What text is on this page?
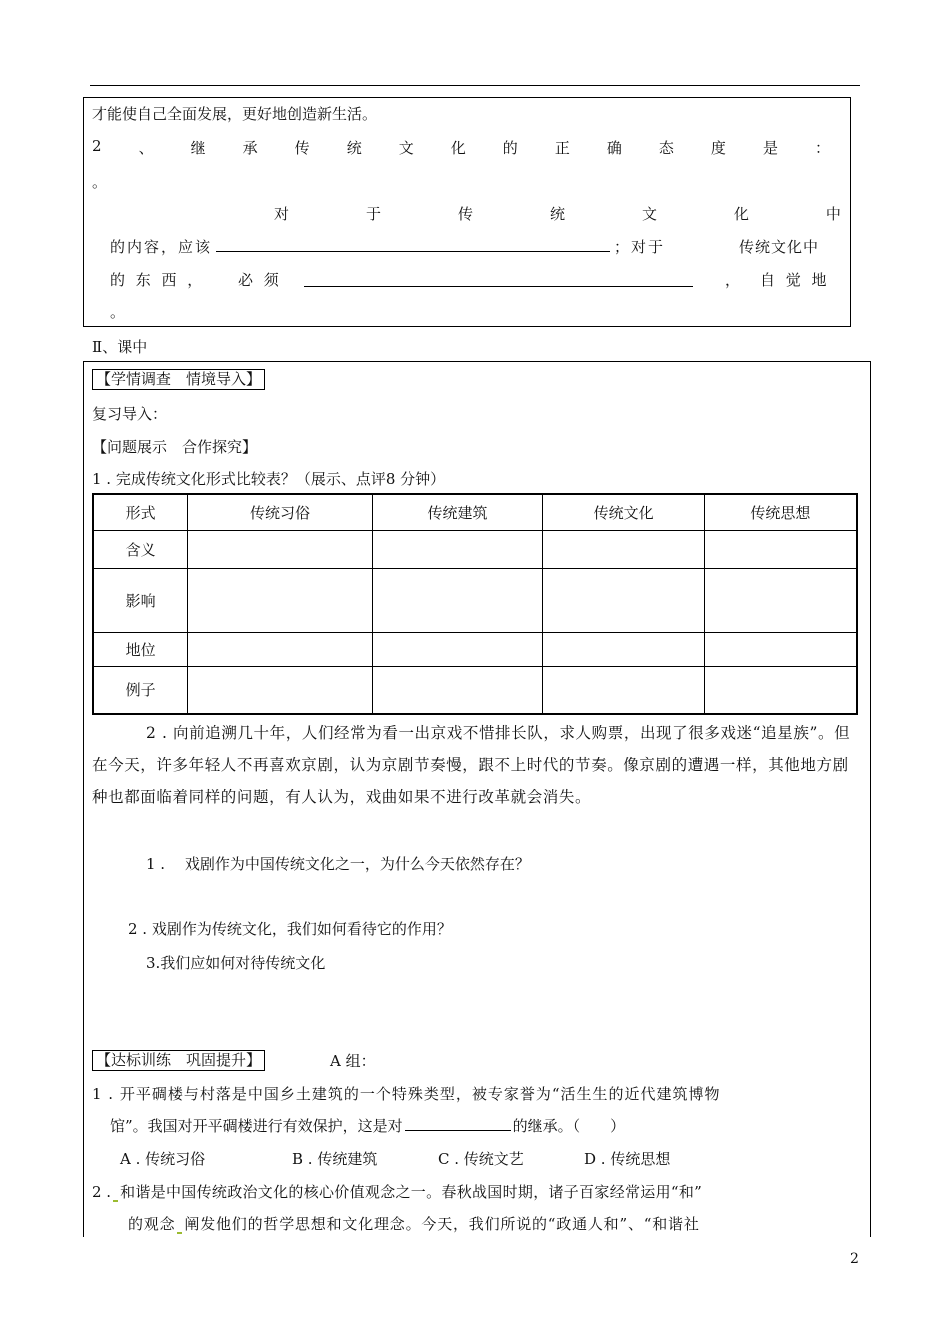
才能使自己全面发展，更好地创造新生活。
2 、 继 承 传 统 文 化 的 正 确 态 度 是 ：
。
对	于	传	统	文	化	中
的内容，应该	；对于	传统文化中
的 东 西 ， 必 须	， 自 觉 地
。
Ⅱ、课中
【学情调查　情境导入】
复习导入：
【问题展示　合作探究】
1 . 完成传统文化形式比较表？（展示、点评8 分钟）
形式	传统习俗	传统建筑	传统文化	传统思想
含义				
影响				
地位				
例子				
2 . 向前追溯几十年，人们经常为看一出京戏不惜排长队，求人购票，出现了很多戏迷“追星族”。但在今天，许多年轻人不再喜欢京剧，认为京剧节奏慢，跟不上时代的节奏。像京剧的遭遇一样，其他地方剧种也都面临着同样的问题，有人认为，戏曲如果不进行改革就会消失。
1 .　 戏剧作为中国传统文化之一，为什么今天依然存在？
2 . 戏剧作为传统文化，我们如何看待它的作用？
3.我们应如何对待传统文化
【达标训练　巩固提升】	A 组：
1 . 开平碉楼与村落是中国乡土建筑的一个特殊类型，被专家誉为“活生生的近代建筑博物
馆”。我国对开平碉楼进行有效保护，这是对	的继承。（　　）
A . 传统习俗	B . 传统建筑	C . 传统文艺	D . 传统思想
2 . 和谐是中国传统政治文化的核心价值观念之一。春秋战国时期，诸子百家经常运用“和”
的观念 阐发他们的哲学思想和文化理念。今天，我们所说的“政通人和”、“和谐社
2
